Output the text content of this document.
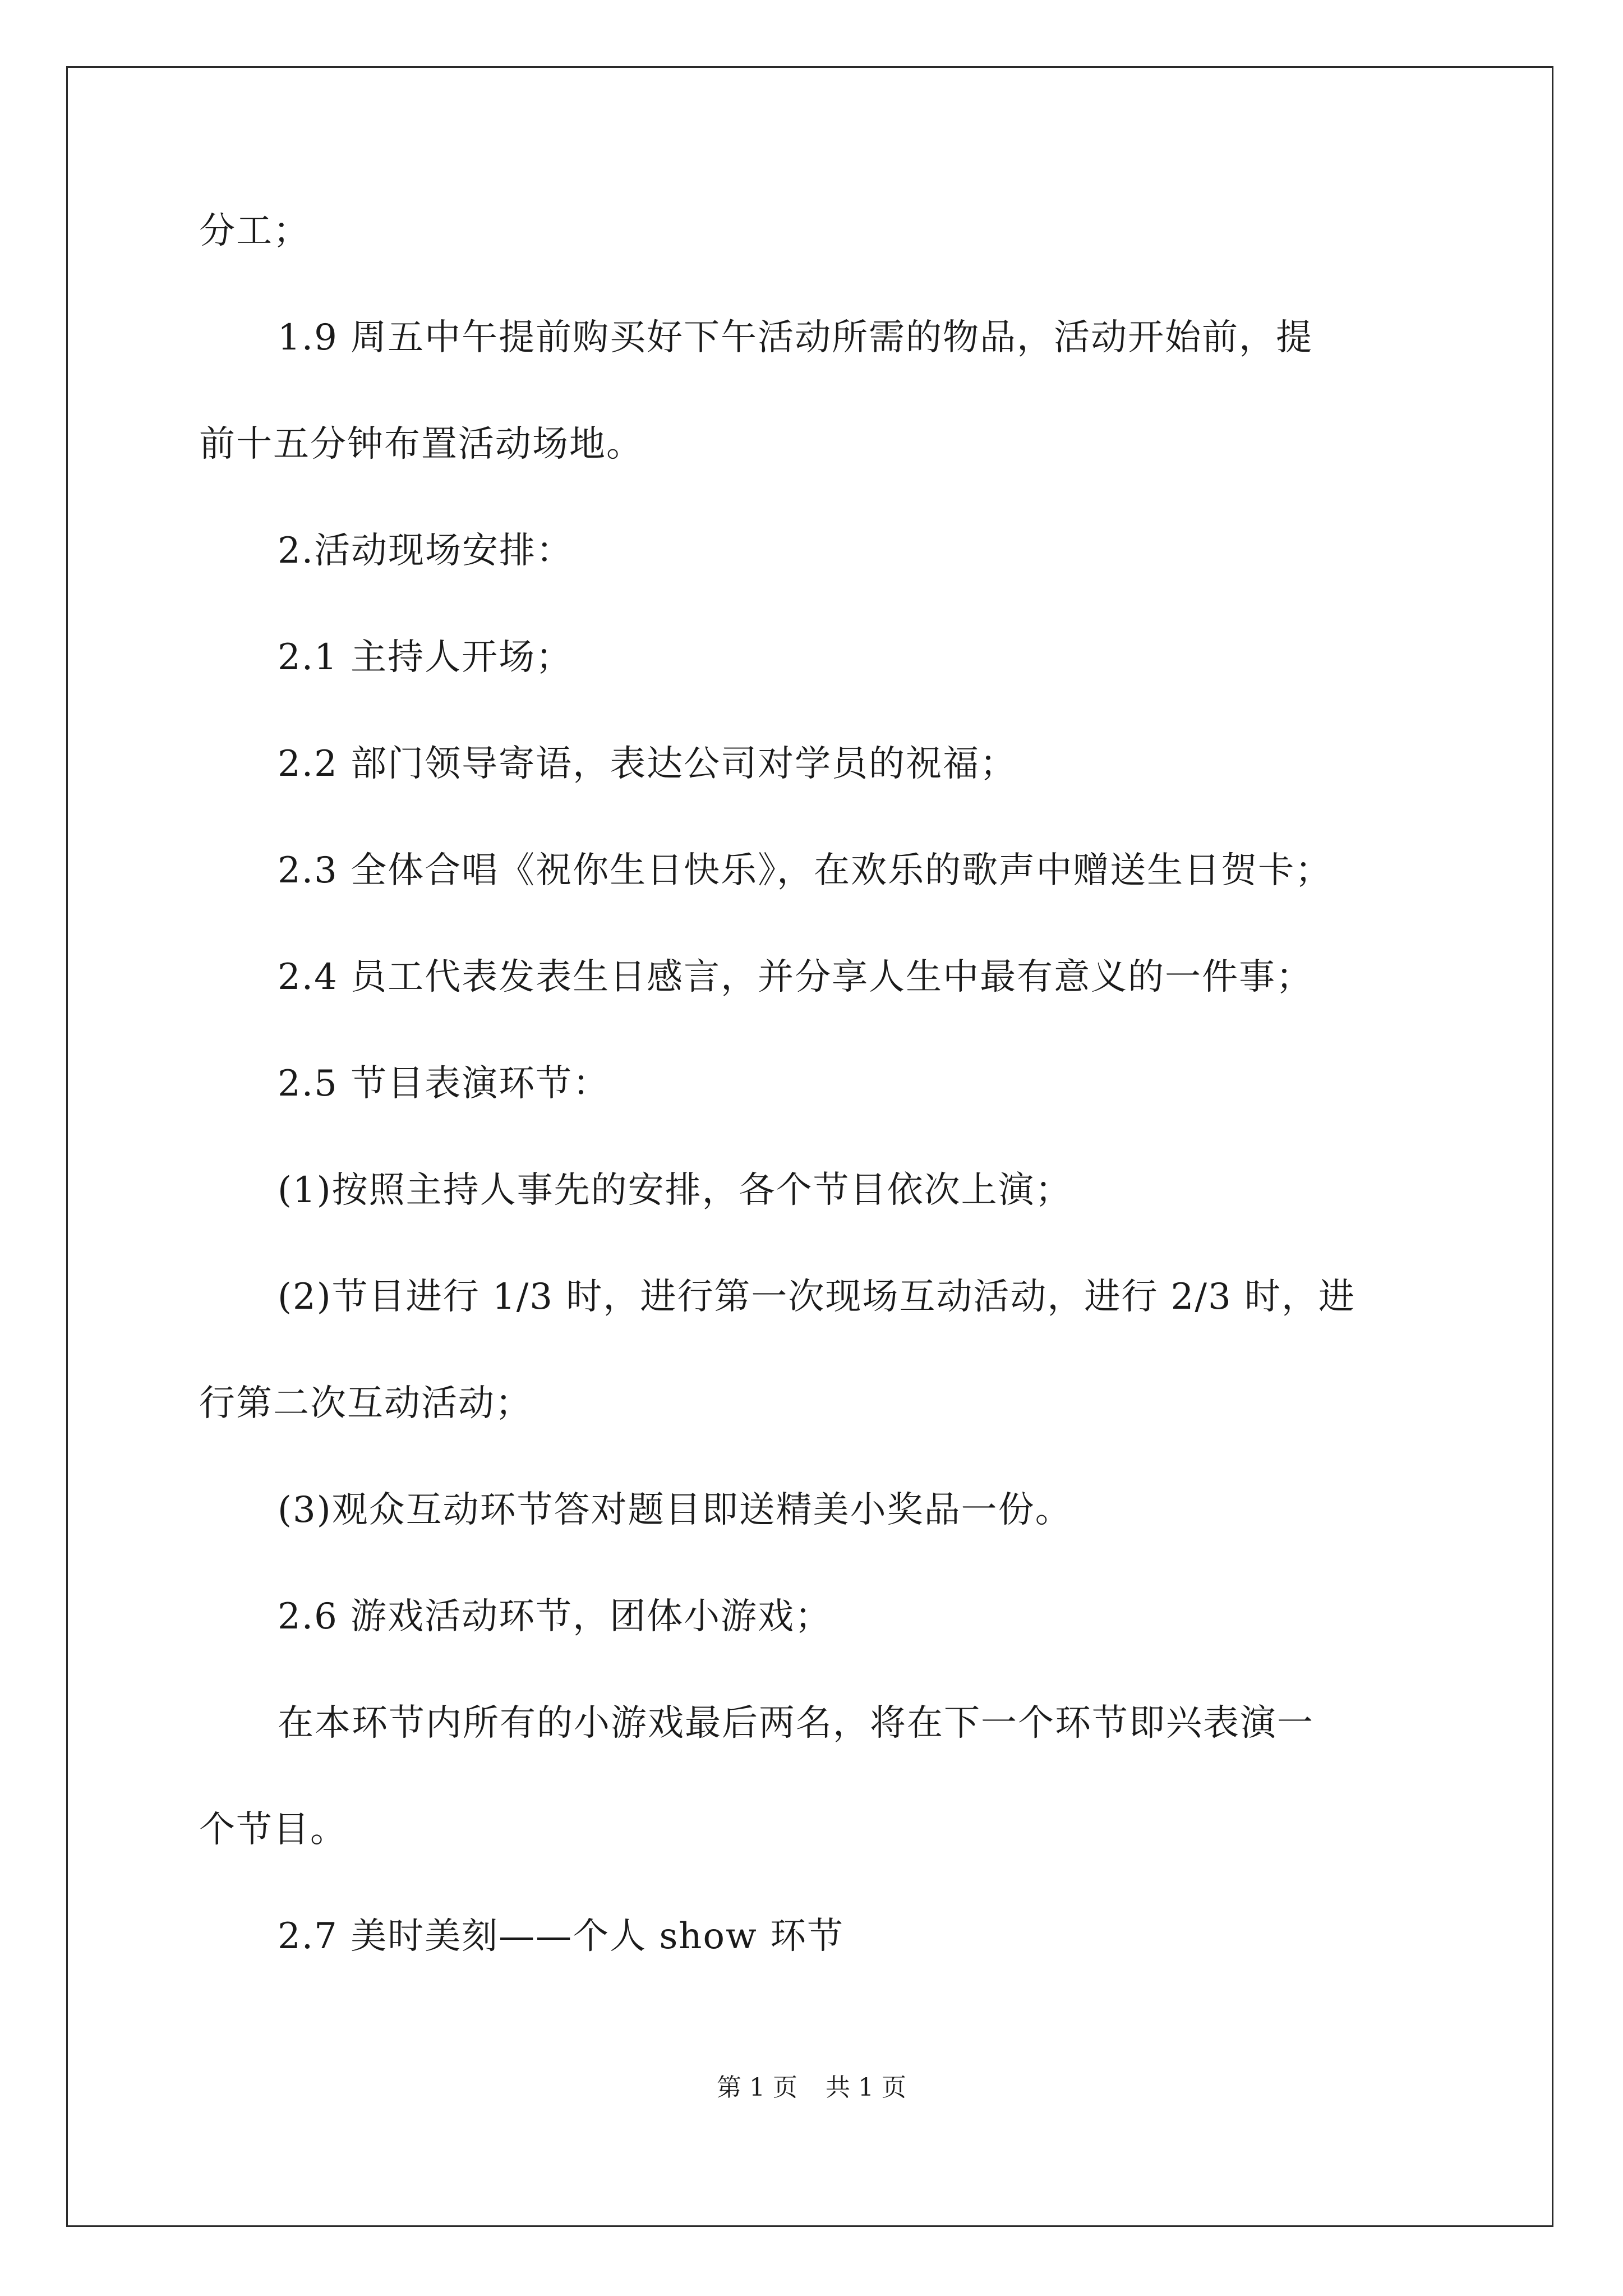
分工；
1.9 周五中午提前购买好下午活动所需的物品，活动开始前，提
前十五分钟布置活动场地。
2.活动现场安排：
2.1 主持人开场；
2.2 部门领导寄语，表达公司对学员的祝福；
2.3 全体合唱《祝你生日快乐》，在欢乐的歌声中赠送生日贺卡；
2.4 员工代表发表生日感言，并分享人生中最有意义的一件事；
2.5 节目表演环节：
(1)按照主持人事先的安排，各个节目依次上演；
(2)节目进行 1/3 时，进行第一次现场互动活动，进行 2/3 时，进
行第二次互动活动；
(3)观众互动环节答对题目即送精美小奖品一份。
2.6 游戏活动环节，团体小游戏；
在本环节内所有的小游戏最后两名，将在下一个环节即兴表演一
个节目。
2.7 美时美刻——个人 show 环节
第 1 页 共 1 页
